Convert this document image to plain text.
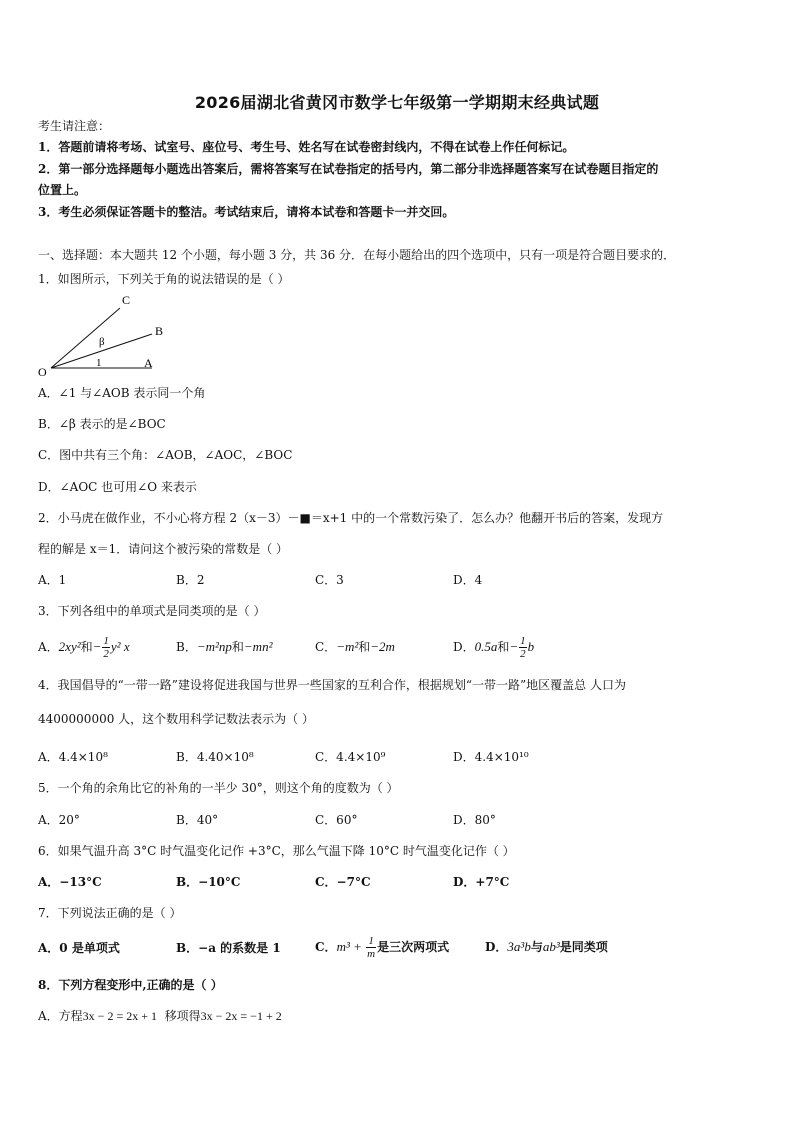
2026届湖北省黄冈市数学七年级第一学期期末经典试题
考生请注意：
1．答题前请将考场、试室号、座位号、考生号、姓名写在试卷密封线内，不得在试卷上作任何标记。
2．第一部分选择题每小题选出答案后，需将答案写在试卷指定的括号内，第二部分非选择题答案写在试卷题目指定的
位置上。
3．考生必须保证答题卡的整洁。考试结束后，请将本试卷和答题卡一并交回。
一、选择题：本大题共 12 个小题，每小题 3 分，共 36 分．在每小题给出的四个选项中，只有一项是符合题目要求的．
1．如图所示，下列关于角的说法错误的是（ ）
O
A
B
C
β
1
A．∠1 与∠AOB 表示同一个角
B．∠β 表示的是∠BOC
C．图中共有三个角：∠AOB，∠AOC，∠BOC
D．∠AOC 也可用∠O 来表示
2．小马虎在做作业，不小心将方程 2（x－3）－■＝x+1 中的一个常数污染了．怎么办？他翻开书后的答案，发现方
程的解是 x＝1．请问这个被污染的常数是（ ）
A．1	B．2	C．3	D．4
3．下列各组中的单项式是同类项的是（ ）
A．2xy²和− $\frac{1}{2} y^2$ x	B．−m²np和−mn²	C．−m²和−2m	D．0.5a和− $\frac{1}{2}$ b
4．我国倡导的“一带一路”建设将促进我国与世界一些国家的互利合作，根据规划“一带一路”地区覆盖总 人口为
4400000000 人，这个数用科学记数法表示为（ ）
A．4.4×10⁸	B．4.40×10⁸	C．4.4×10⁹	D．4.4×10¹⁰
5．一个角的余角比它的补角的一半少 30°，则这个角的度数为（ ）
A．20°	B．40°	C．60°	D．80°
6．如果气温升高 3°C 时气温变化记作 +3°C，那么气温下降 10°C 时气温变化记作（ ）
A．−13°C	B．−10°C	C．−7°C	D．+7°C
7．下列说法正确的是（ ）
A．0 是单项式	B．−a 的系数是 1	C．$m^3 + \frac{1}{m}$ 是三次两项式	D．3a³b与ab³是同类项
8．下列方程变形中,正确的是（ ）
A．方程3x − 2 = 2x + 1 移项得3x − 2x = −1 + 2
